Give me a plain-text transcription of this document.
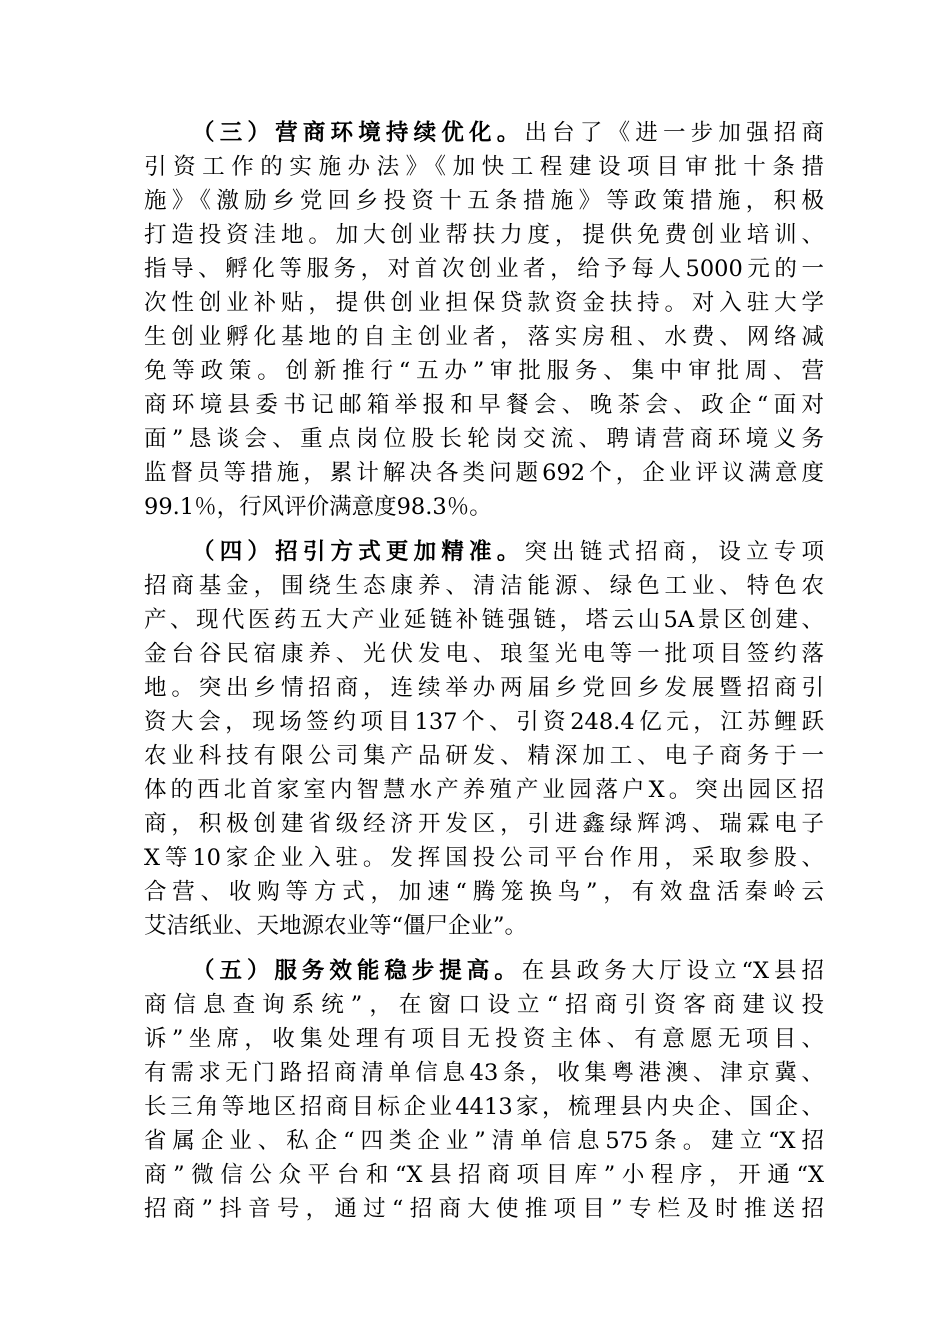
（三）营商环境持续优化。出台了《进一步加强招商
引资工作的实施办法》《加快工程建设项目审批十条措
施》《激励乡党回乡投资十五条措施》等政策措施，积极
打造投资洼地。加大创业帮扶力度，提供免费创业培训、
指导、孵化等服务，对首次创业者，给予每人5000元的一
次性创业补贴，提供创业担保贷款资金扶持。对入驻大学
生创业孵化基地的自主创业者，落实房租、水费、网络减
免等政策。创新推行“五办”审批服务、集中审批周、营
商环境县委书记邮箱举报和早餐会、晚茶会、政企“面对
面”恳谈会、重点岗位股长轮岗交流、聘请营商环境义务
监督员等措施，累计解决各类问题692个，企业评议满意度
99.1％，行风评价满意度98.3％。
（四）招引方式更加精准。突出链式招商，设立专项
招商基金，围绕生态康养、清洁能源、绿色工业、特色农
产、现代医药五大产业延链补链强链，塔云山5A景区创建、
金台谷民宿康养、光伏发电、琅玺光电等一批项目签约落
地。突出乡情招商，连续举办两届乡党回乡发展暨招商引
资大会，现场签约项目137个、引资248.4亿元，江苏鲤跃
农业科技有限公司集产品研发、精深加工、电子商务于一
体的西北首家室内智慧水产养殖产业园落户X。突出园区招
商，积极创建省级经济开发区，引进鑫绿辉鸿、瑞霖电子
X等10家企业入驻。发挥国投公司平台作用，采取参股、
合营、收购等方式，加速“腾笼换鸟”，有效盘活秦岭云
艾洁纸业、天地源农业等“僵尸企业”。
（五）服务效能稳步提高。在县政务大厅设立“X县招
商信息查询系统”，在窗口设立“招商引资客商建议投
诉”坐席，收集处理有项目无投资主体、有意愿无项目、
有需求无门路招商清单信息43条，收集粤港澳、津京冀、
长三角等地区招商目标企业4413家，梳理县内央企、国企、
省属企业、私企“四类企业”清单信息575条。建立“X招
商”微信公众平台和“X县招商项目库”小程序，开通“X
招商”抖音号，通过“招商大使推项目”专栏及时推送招
